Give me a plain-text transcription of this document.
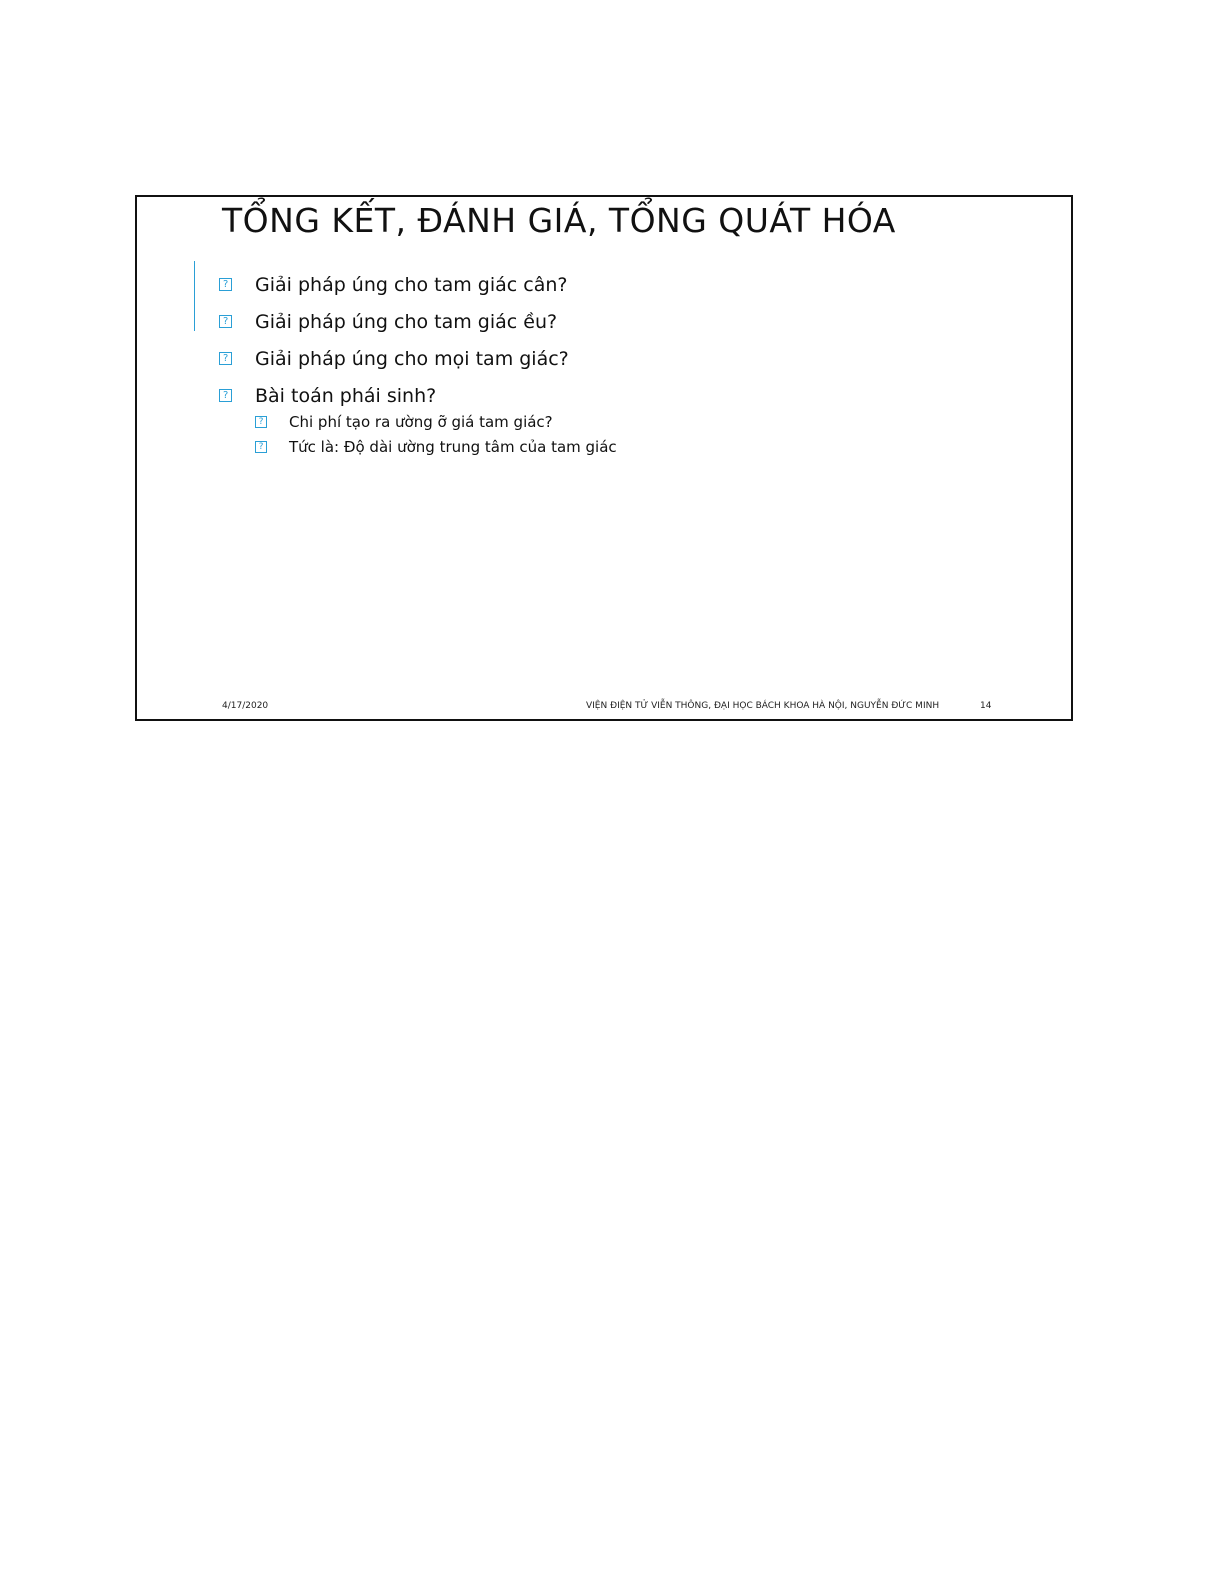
TỔNG KẾT, ĐÁNH GIÁ, TỔNG QUÁT HÓA
? Giải pháp úng cho tam giác cân?
? Giải pháp úng cho tam giác ều?
? Giải pháp úng cho mọi tam giác?
? Bài toán phái sinh?
? Chi phí tạo ra ường ỡ giá tam giác?
? Tức là: Độ dài ường trung tâm của tam giác
4/17/2020	VIỆN ĐIỆN TỬ VIỄN THÔNG, ĐẠI HỌC BÁCH KHOA HÀ NỘI, NGUYỄN ĐỨC MINH	14
